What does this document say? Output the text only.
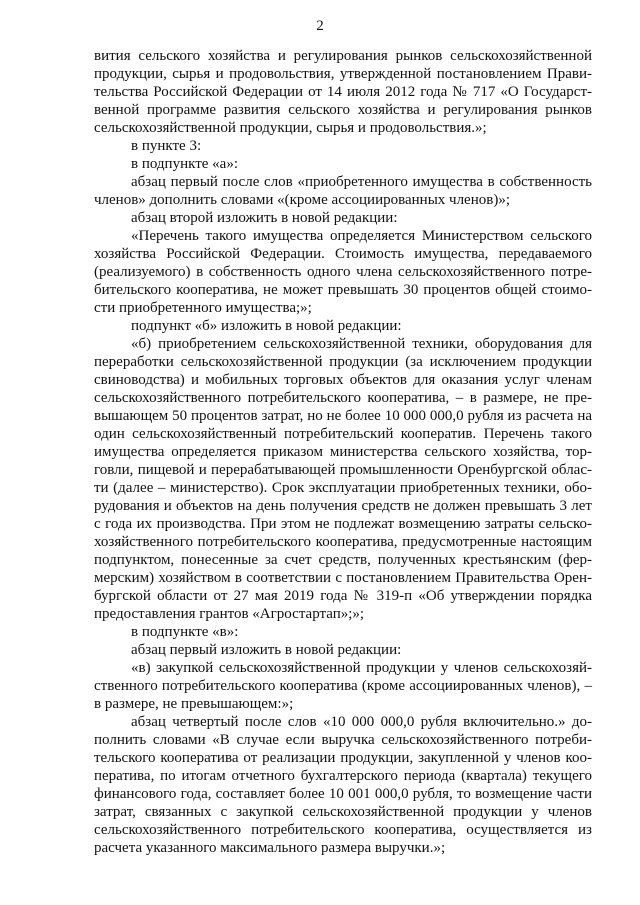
2
вития сельского хозяйства и регулирования рынков сельскохозяйственной
продукции, сырья и продовольствия, утвержденной постановлением Прави-
тельства Российской Федерации от 14 июля 2012 года № 717 «О Государст-
венной программе развития сельского хозяйства и регулирования рынков
сельскохозяйственной продукции, сырья и продовольствия.»;
в пункте 3:
в подпункте «а»:
абзац первый после слов «приобретенного имущества в собственность
членов» дополнить словами «(кроме ассоциированных членов)»;
абзац второй изложить в новой редакции:
«Перечень такого имущества определяется Министерством сельского
хозяйства Российской Федерации. Стоимость имущества, передаваемого
(реализуемого) в собственность одного члена сельскохозяйственного потре-
бительского кооператива, не может превышать 30 процентов общей стоимо-
сти приобретенного имущества;»;
подпункт «б» изложить в новой редакции:
«б) приобретением сельскохозяйственной техники, оборудования для
переработки сельскохозяйственной продукции (за исключением продукции
свиноводства) и мобильных торговых объектов для оказания услуг членам
сельскохозяйственного потребительского кооператива, – в размере, не пре-
вышающем 50 процентов затрат, но не более 10 000 000,0 рубля из расчета на
один сельскохозяйственный потребительский кооператив. Перечень такого
имущества определяется приказом министерства сельского хозяйства, тор-
говли, пищевой и перерабатывающей промышленности Оренбургской облас-
ти (далее – министерство). Срок эксплуатации приобретенных техники, обо-
рудования и объектов на день получения средств не должен превышать 3 лет
с года их производства. При этом не подлежат возмещению затраты сельско-
хозяйственного потребительского кооператива, предусмотренные настоящим
подпунктом, понесенные за счет средств, полученных крестьянским (фер-
мерским) хозяйством в соответствии с постановлением Правительства Орен-
бургской области от 27 мая 2019 года № 319-п «Об утверждении порядка
предоставления грантов «Агростартап»;»;
в подпункте «в»:
абзац первый изложить в новой редакции:
«в) закупкой сельскохозяйственной продукции у членов сельскохозяй-
ственного потребительского кооператива (кроме ассоциированных членов), –
в размере, не превышающем:»;
абзац четвертый после слов «10 000 000,0 рубля включительно.» до-
полнить словами «В случае если выручка сельскохозяйственного потреби-
тельского кооператива от реализации продукции, закупленной у членов коо-
ператива, по итогам отчетного бухгалтерского периода (квартала) текущего
финансового года, составляет более 10 001 000,0 рубля, то возмещение части
затрат, связанных с закупкой сельскохозяйственной продукции у членов
сельскохозяйственного потребительского кооператива, осуществляется из
расчета указанного максимального размера выручки.»;
